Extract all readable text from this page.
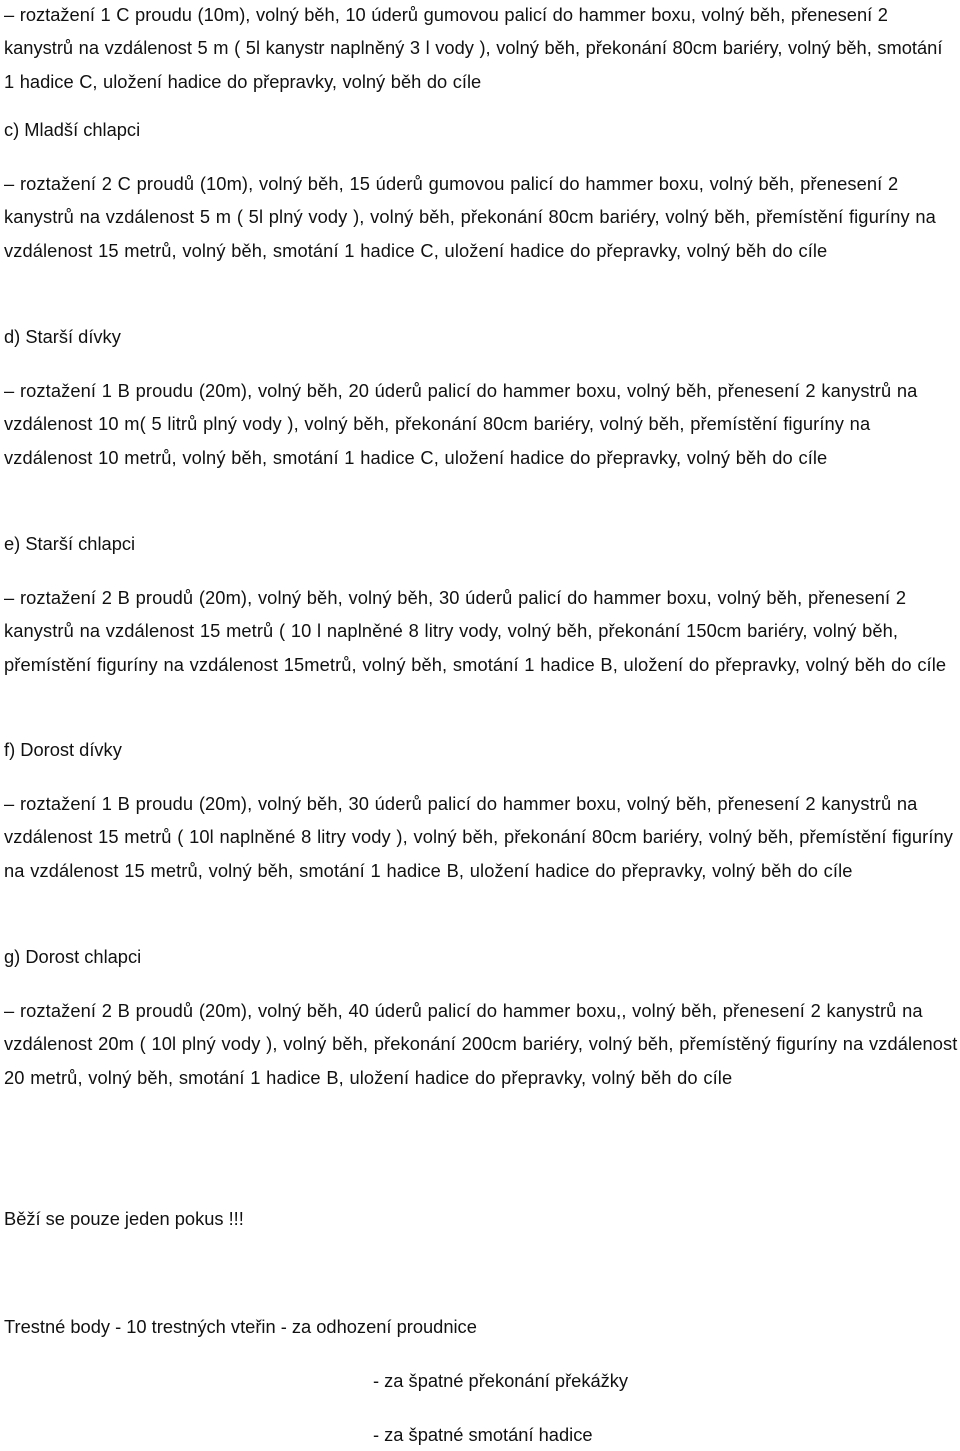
– roztažení 1 C proudu (10m), volný běh, 10 úderů gumovou palicí do hammer boxu, volný běh, přenesení 2 kanystrů na vzdálenost 5 m ( 5l kanystr naplněný 3 l vody ), volný běh, překonání 80cm bariéry, volný běh, smotání 1 hadice C, uložení hadice do přepravky, volný běh do cíle

c) Mladší chlapci

– roztažení 2 C proudů (10m), volný běh, 15 úderů gumovou palicí do hammer boxu, volný běh, přenesení 2 kanystrů na vzdálenost 5 m ( 5l plný vody ), volný běh, překonání 80cm bariéry, volný běh, přemístění figuríny na vzdálenost 15 metrů, volný běh, smotání 1 hadice C, uložení hadice do přepravky, volný běh do cíle

d) Starší dívky

– roztažení 1 B proudu (20m), volný běh, 20 úderů palicí do hammer boxu, volný běh, přenesení 2 kanystrů na vzdálenost 10 m( 5 litrů plný vody ), volný běh, překonání 80cm bariéry, volný běh, přemístění figuríny na vzdálenost 10 metrů, volný běh, smotání 1 hadice C, uložení hadice do přepravky, volný běh do cíle

e) Starší chlapci

– roztažení 2 B proudů (20m), volný běh, volný běh, 30 úderů palicí do hammer boxu, volný běh, přenesení 2 kanystrů na vzdálenost 15 metrů ( 10 l naplněné 8 litry vody, volný běh, překonání 150cm bariéry, volný běh, přemístění figuríny na vzdálenost 15metrů, volný běh, smotání 1 hadice B, uložení do přepravky, volný běh do cíle

f) Dorost dívky

– roztažení 1 B proudu (20m), volný běh, 30 úderů palicí do hammer boxu, volný běh, přenesení 2 kanystrů na vzdálenost 15 metrů ( 10l naplněné 8 litry vody ), volný běh, překonání 80cm bariéry, volný běh, přemístění figuríny na vzdálenost 15 metrů, volný běh, smotání 1 hadice B, uložení hadice do přepravky, volný běh do cíle

g) Dorost chlapci

– roztažení 2 B proudů (20m), volný běh, 40 úderů palicí do hammer boxu,, volný běh, přenesení 2 kanystrů na vzdálenost 20m ( 10l plný vody ), volný běh, překonání 200cm bariéry, volný běh, přemístěný figuríny na vzdálenost 20 metrů, volný běh, smotání 1 hadice B, uložení hadice do přepravky, volný běh do cíle

Běží se pouze jeden pokus !!!

Trestné body - 10 trestných vteřin - za odhození proudnice

- za špatné překonání překážky
- za špatné smotání hadice
